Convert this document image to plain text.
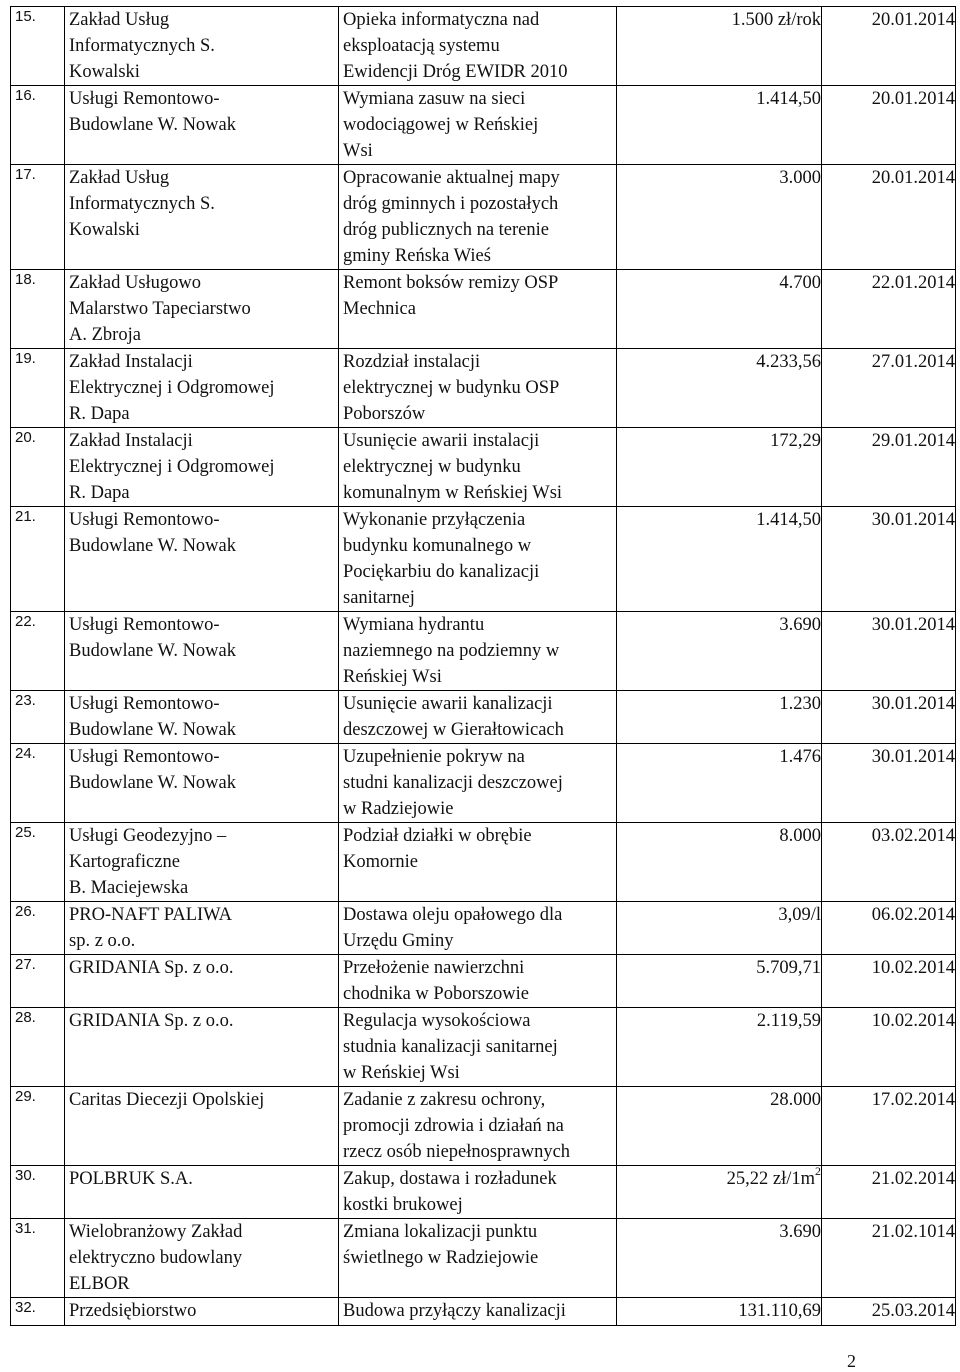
15.	Zakład Usług
Informatycznych S.
Kowalski	Opieka informatyczna nad
eksploatacją systemu
Ewidencji Dróg EWIDR 2010	1.500 zł/rok	20.01.2014
16.	Usługi Remontowo-
Budowlane W. Nowak	Wymiana zasuw na sieci
wodociągowej w Reńskiej
Wsi	1.414,50	20.01.2014
17.	Zakład Usług
Informatycznych S.
Kowalski	Opracowanie aktualnej mapy
dróg gminnych i pozostałych
dróg publicznych na terenie
gminy Reńska Wieś	3.000	20.01.2014
18.	Zakład Usługowo
Malarstwo Tapeciarstwo
A. Zbroja	Remont boksów remizy OSP
Mechnica	4.700	22.01.2014
19.	Zakład Instalacji
Elektrycznej i Odgromowej
R. Dapa	Rozdział instalacji
elektrycznej w budynku OSP
Poborszów	4.233,56	27.01.2014
20.	Zakład Instalacji
Elektrycznej i Odgromowej
R. Dapa	Usunięcie awarii instalacji
elektrycznej w budynku
komunalnym w Reńskiej Wsi	172,29	29.01.2014
21.	Usługi Remontowo-
Budowlane W. Nowak	Wykonanie przyłączenia
budynku komunalnego w
Pociękarbiu do kanalizacji
sanitarnej	1.414,50	30.01.2014
22.	Usługi Remontowo-
Budowlane W. Nowak	Wymiana hydrantu
naziemnego na podziemny w
Reńskiej Wsi	3.690	30.01.2014
23.	Usługi Remontowo-
Budowlane W. Nowak	Usunięcie awarii kanalizacji
deszczowej w Gierałtowicach	1.230	30.01.2014
24.	Usługi Remontowo-
Budowlane W. Nowak	Uzupełnienie pokryw na
studni kanalizacji deszczowej
w Radziejowie	1.476	30.01.2014
25.	Usługi Geodezyjno –
Kartograficzne
B. Maciejewska	Podział działki w obrębie
Komornie	8.000	03.02.2014
26.	PRO-NAFT PALIWA
sp. z o.o.	Dostawa oleju opałowego dla
Urzędu Gminy	3,09/l	06.02.2014
27.	GRIDANIA Sp. z o.o.	Przełożenie nawierzchni
chodnika w Poborszowie	5.709,71	10.02.2014
28.	GRIDANIA Sp. z o.o.	Regulacja wysokościowa
studnia kanalizacji sanitarnej
w Reńskiej Wsi	2.119,59	10.02.2014
29.	Caritas Diecezji Opolskiej	Zadanie z zakresu ochrony,
promocji zdrowia i działań na
rzecz osób niepełnosprawnych	28.000	17.02.2014
30.	POLBRUK S.A.	Zakup, dostawa i rozładunek
kostki brukowej	25,22 $zł/1m^2$	21.02.2014
31.	Wielobranżowy Zakład
elektryczno budowlany
ELBOR	Zmiana lokalizacji punktu
świetlnego w Radziejowie	3.690	21.02.1014
32.	Przedsiębiorstwo	Budowa przyłączy kanalizacji	131.110,69	25.03.2014
2
